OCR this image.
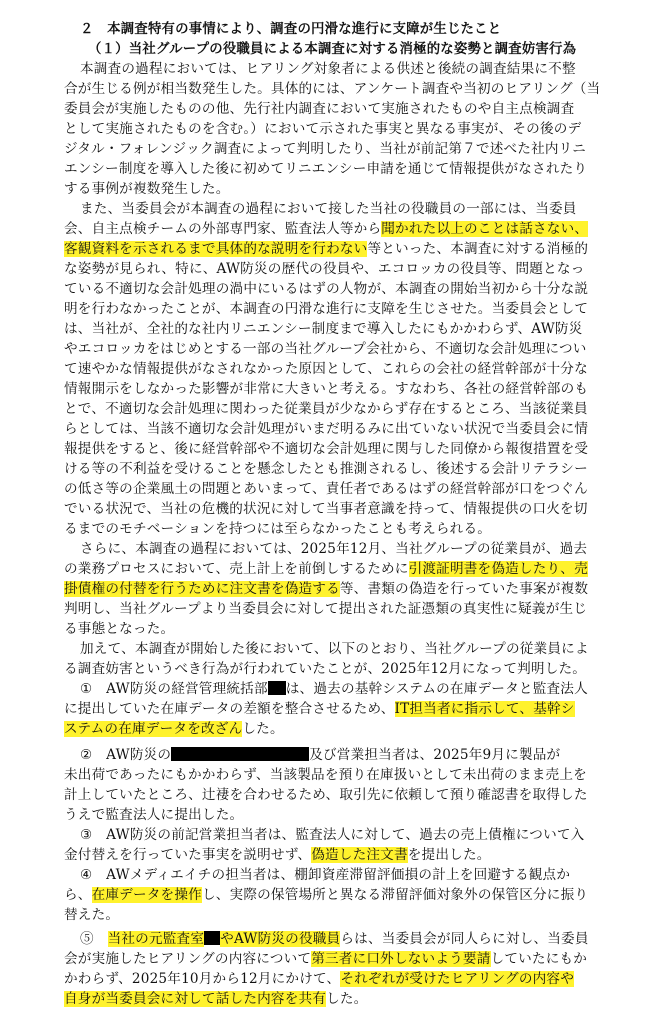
２　本調査特有の事情により、調査の円滑な進行に支障が生じたこと
（１）当社グループの役職員による本調査に対する消極的な姿勢と調査妨害行為
本調査の過程においては、ヒアリング対象者による供述と後続の調査結果に不整
合が生じる例が相当数発生した。具体的には、アンケート調査や当初のヒアリング（当
委員会が実施したものの他、先行社内調査において実施されたものや自主点検調査
として実施されたものを含む。）において示された事実と異なる事実が、その後のデ
ジタル・フォレンジック調査によって判明したり、当社が前記第７で述べた社内リニ
エンシー制度を導入した後に初めてリニエンシー申請を通じて情報提供がなされたり
する事例が複数発生した。
また、当委員会が本調査の過程において接した当社の役職員の一部には、当委員
会、自主点検チームの外部専門家、監査法人等から聞かれた以上のことは話さない、
客観資料を示されるまで具体的な説明を行わない等といった、本調査に対する消極的
な姿勢が見られ、特に、AW防災の歴代の役員や、エコロッカの役員等、問題となっ
ている不適切な会計処理の渦中にいるはずの人物が、本調査の開始当初から十分な説
明を行わなかったことが、本調査の円滑な進行に支障を生じさせた。当委員会として
は、当社が、全社的な社内リニエンシー制度まで導入したにもかかわらず、AW防災
やエコロッカをはじめとする一部の当社グループ会社から、不適切な会計処理につい
て速やかな情報提供がなされなかった原因として、これらの会社の経営幹部が十分な
情報開示をしなかった影響が非常に大きいと考える。すなわち、各社の経営幹部のも
とで、不適切な会計処理に関わった従業員が少なからず存在するところ、当該従業員
らとしては、当該不適切な会計処理がいまだ明るみに出ていない状況で当委員会に情
報提供をすると、後に経営幹部や不適切な会計処理に関与した同僚から報復措置を受
ける等の不利益を受けることを懸念したとも推測されるし、後述する会計リテラシー
の低さ等の企業風土の問題とあいまって、責任者であるはずの経営幹部が口をつぐん
でいる状況で、当社の危機的状況に対して当事者意識を持って、情報提供の口火を切
るまでのモチベーションを持つには至らなかったことも考えられる。
さらに、本調査の過程においては、2025年12月、当社グループの従業員が、過去
の業務プロセスにおいて、売上計上を前倒しするために引渡証明書を偽造したり、売
掛債権の付替を行うために注文書を偽造する等、書類の偽造を行っていた事案が複数
判明し、当社グループより当委員会に対して提出された証憑類の真実性に疑義が生じ
る事態となった。
加えて、本調査が開始した後において、以下のとおり、当社グループの従業員によ
る調査妨害というべき行為が行われていたことが、2025年12月になって判明した。
①　AW防災の経営管理統括部 は、過去の基幹システムの在庫データと監査法人
に提出していた在庫データの差額を整合させるため、IT担当者に指示して、基幹シ
ステムの在庫データを改ざんした。
②　AW防災の	及び営業担当者は、2025年9月に製品が
未出荷であったにもかかわらず、当該製品を預り在庫扱いとして未出荷のまま売上を
計上していたところ、辻褄を合わせるため、取引先に依頼して預り確認書を取得した
うえで監査法人に提出した。
③　AW防災の前記営業担当者は、監査法人に対して、過去の売上債権について入
金付替えを行っていた事実を説明せず、偽造した注文書を提出した。
④　AWメディエイチの担当者は、棚卸資産滞留評価損の計上を回避する観点か
ら、在庫データを操作し、実際の保管場所と異なる滞留評価対象外の保管区分に振り
替えた。
⑤　 当社の元監査室 やAW防災の役職員らは、当委員会が同人らに対し、当委員
会が実施したヒアリングの内容について第三者に口外しないよう要請していたにもか
かわらず、2025年10月から12月にかけて、それぞれが受けたヒアリングの内容や
自身が当委員会に対して話した内容を共有した。
